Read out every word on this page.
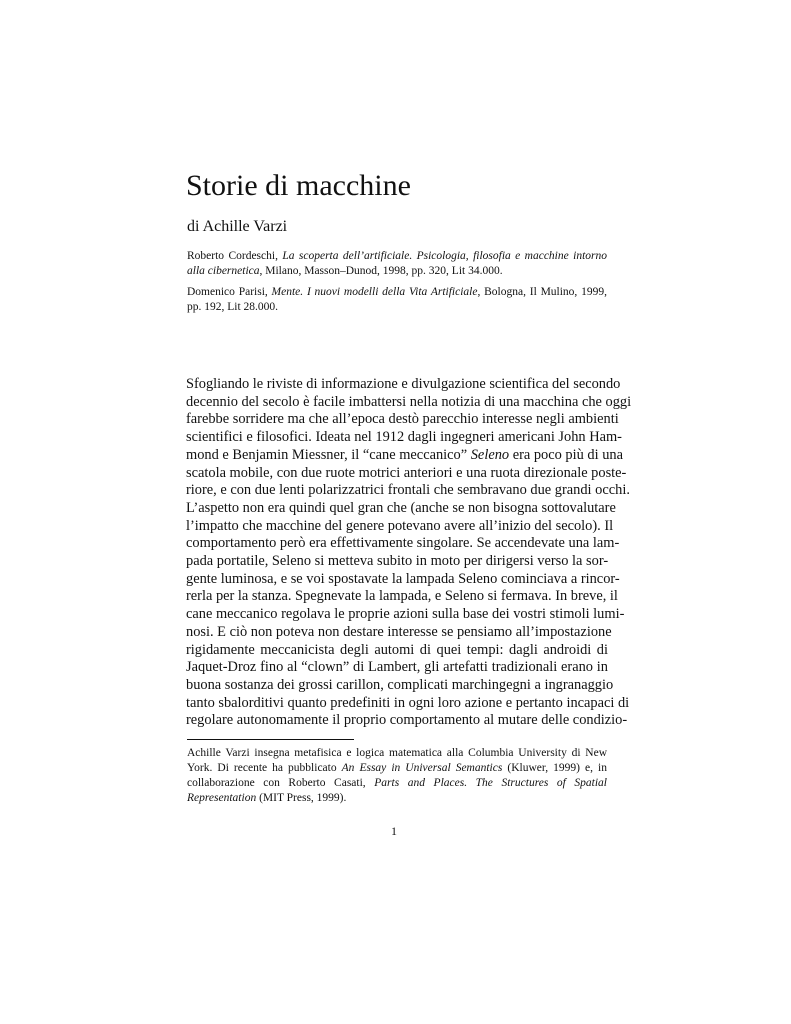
Storie di macchine
di Achille Varzi

Roberto Cordeschi, La scoperta dell’artificiale. Psicologia, filosofia e macchine intorno alla cibernetica, Milano, Masson–Dunod, 1998, pp. 320, Lit 34.000.

Domenico Parisi, Mente. I nuovi modelli della Vita Artificiale, Bologna, Il Mulino, 1999, pp. 192, Lit 28.000.

Sfogliando le riviste di informazione e divulgazione scientifica del secondo
decennio del secolo è facile imbattersi nella notizia di una macchina che oggi
farebbe sorridere ma che all’epoca destò parecchio interesse negli ambienti
scientifici e filosofici. Ideata nel 1912 dagli ingegneri americani John Ham-
mond e Benjamin Miessner, il “cane meccanico” Seleno era poco più di una
scatola mobile, con due ruote motrici anteriori e una ruota direzionale poste-
riore, e con due lenti polarizzatrici frontali che sembravano due grandi occhi.
L’aspetto non era quindi quel gran che (anche se non bisogna sottovalutare
l’impatto che macchine del genere potevano avere all’inizio del secolo). Il
comportamento però era effettivamente singolare. Se accendevate una lam-
pada portatile, Seleno si metteva subito in moto per dirigersi verso la sor-
gente luminosa, e se voi spostavate la lampada Seleno cominciava a rincor-
rerla per la stanza. Spegnevate la lampada, e Seleno si fermava. In breve, il
cane meccanico regolava le proprie azioni sulla base dei vostri stimoli lumi-
nosi. E ciò non poteva non destare interesse se pensiamo all’impostazione
rigidamente meccanicista degli automi di quei tempi: dagli androidi di
Jaquet-Droz fino al “clown” di Lambert, gli artefatti tradizionali erano in
buona sostanza dei grossi carillon, complicati marchingegni a ingranaggio
tanto sbalorditivi quanto predefiniti in ogni loro azione e pertanto incapaci di
regolare autonomamente il proprio comportamento al mutare delle condizio-

Achille Varzi insegna metafisica e logica matematica alla Columbia University di New York. Di recente ha pubblicato An Essay in Universal Semantics (Kluwer, 1999) e, in collaborazione con Roberto Casati, Parts and Places. The Structures of Spatial Representation (MIT Press, 1999).

1
